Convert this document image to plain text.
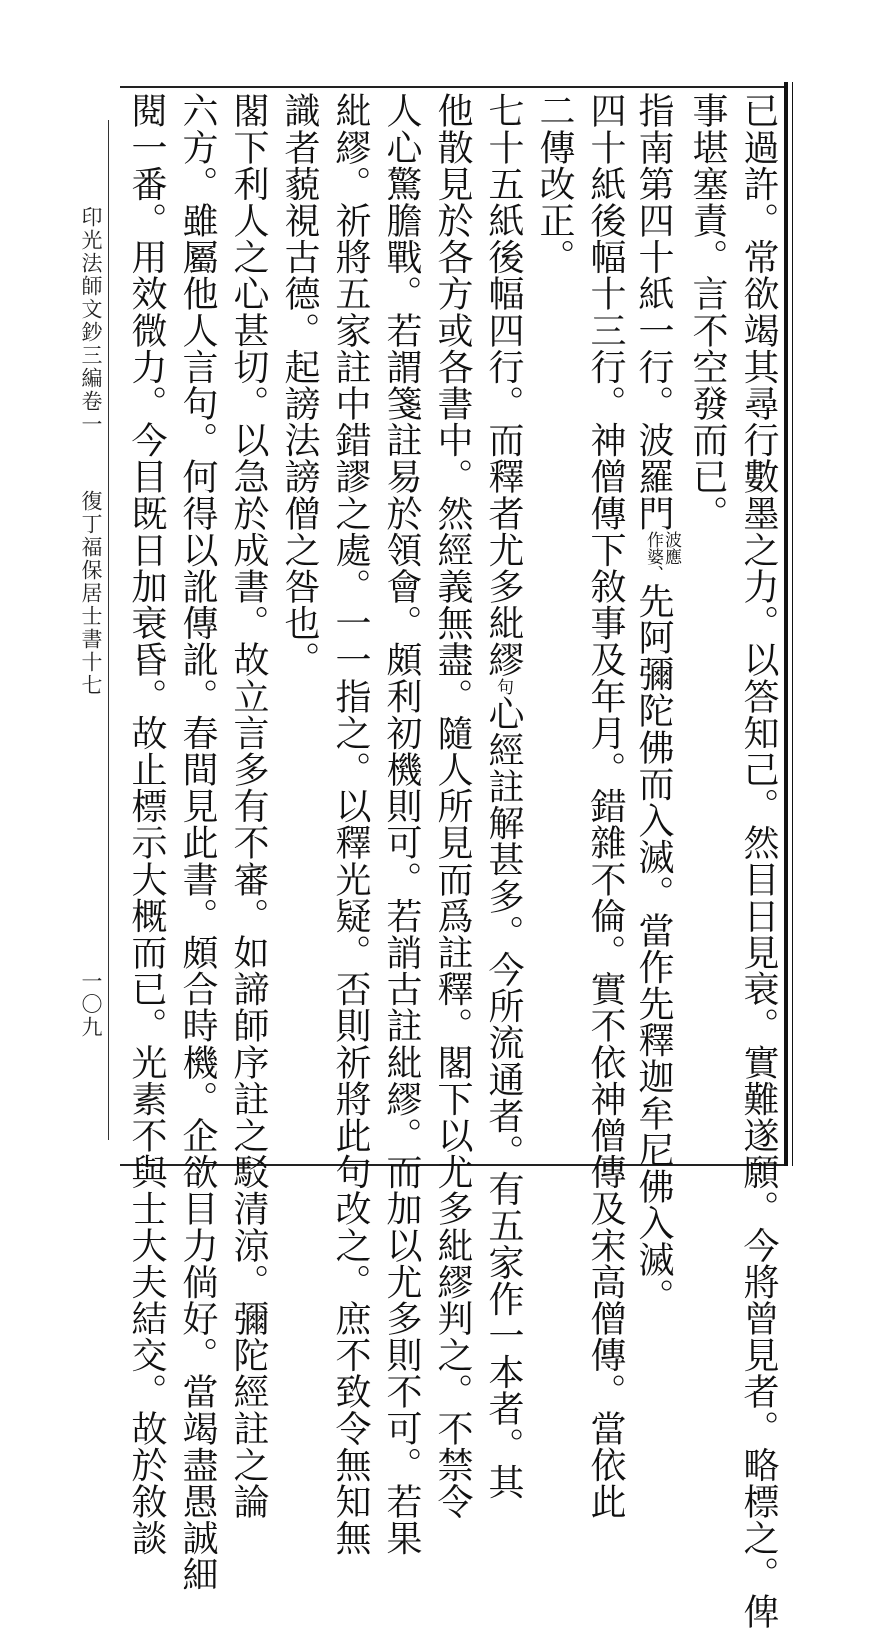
印光法師文鈔三編卷一
復丁福保居士書十七
一〇九	已過許。常欲竭其尋行數墨之力。以答知己。然目日見衰。實難遂願。今將曾見者。略標之。俾
事堪塞責。言不空發而已。
指南第四十紙一行。波羅門波應
作婆、先阿彌陀佛而入滅。當作先釋迦牟尼佛入滅。
四十紙後幅十三行。神僧傳下敘事及年月。錯雜不倫。實不依神僧傳及宋高僧傳。當依此
二傳改正。
七十五紙後幅四行。而釋者尤多紕繆句心經註解甚多。今所流通者。有五家作一本者。其
他散見於各方或各書中。然經義無盡。隨人所見而爲註釋。閣下以尤多紕繆判之。不禁令
人心驚膽戰。若謂箋註易於領會。頗利初機則可。若誚古註紕繆。而加以尤多則不可。若果
紕繆。祈將五家註中錯謬之處。一一指之。以釋光疑。否則祈將此句改之。庶不致令無知無
識者藐視古德。起謗法謗僧之咎也。
閣下利人之心甚切。以急於成書。故立言多有不審。如諦師序註之駁清涼。彌陀經註之論
六方。雖屬他人言句。何得以訛傳訛。春間見此書。頗合時機。企欲目力倘好。當竭盡愚誠細
閱一番。用效微力。今目既日加衰昏。故止標示大概而已。光素不與士大夫結交。故於敘談
